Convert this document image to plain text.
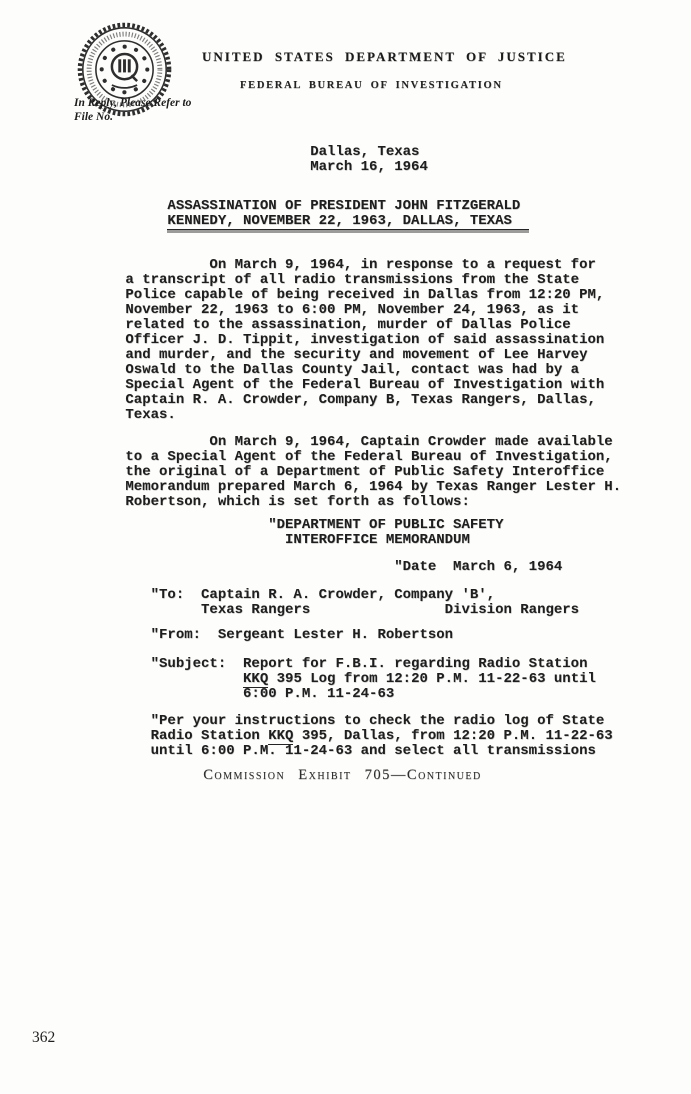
UNITED STATES DEPARTMENT OF JUSTICE
FEDERAL BUREAU OF INVESTIGATION
In Reply, Please Refer to
File No.
Dallas, Texas
March 16, 1964
ASSASSINATION OF PRESIDENT JOHN FITZGERALD
KENNEDY, NOVEMBER 22, 1963, DALLAS, TEXAS
On March 9, 1964, in response to a request for
a transcript of all radio transmissions from the State
Police capable of being received in Dallas from 12:20 PM,
November 22, 1963 to 6:00 PM, November 24, 1963, as it
related to the assassination, murder of Dallas Police
Officer J. D. Tippit, investigation of said assassination
and murder, and the security and movement of Lee Harvey
Oswald to the Dallas County Jail, contact was had by a
Special Agent of the Federal Bureau of Investigation with
Captain R. A. Crowder, Company B, Texas Rangers, Dallas,
Texas.
On March 9, 1964, Captain Crowder made available
to a Special Agent of the Federal Bureau of Investigation,
the original of a Department of Public Safety Interoffice
Memorandum prepared March 6, 1964 by Texas Ranger Lester H.
Robertson, which is set forth as follows:
"DEPARTMENT OF PUBLIC SAFETY
INTEROFFICE MEMORANDUM
"Date  March 6, 1964
"To:  Captain R. A. Crowder, Company 'B',
Texas Rangers                Division Rangers
"From:  Sergeant Lester H. Robertson
"Subject:  Report for F.B.I. regarding Radio Station
KKQ 395 Log from 12:20 P.M. 11-22-63 until
6:00 P.M. 11-24-63
"Per your instructions to check the radio log of State
Radio Station KKQ 395, Dallas, from 12:20 P.M. 11-22-63
until 6:00 P.M. 11-24-63 and select all transmissions
Commission Exhibit 705—Continued
362
